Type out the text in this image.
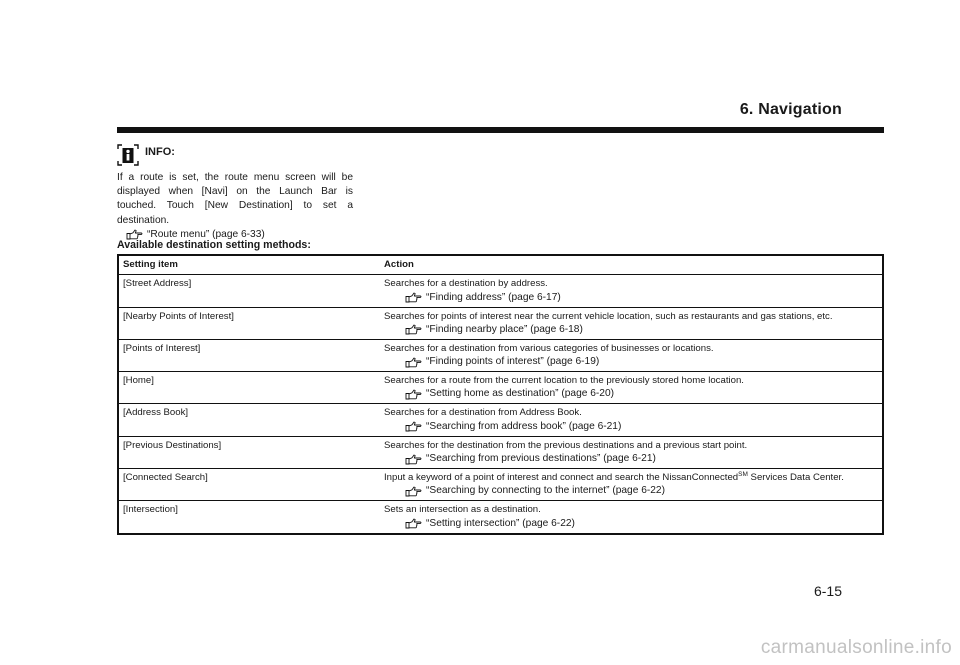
6. Navigation
INFO:
If a route is set, the route menu screen will be displayed when [Navi] on the Launch Bar is touched. Touch [New Destination] to set a destination.
“Route menu” (page 6-33)
Available destination setting methods:
Setting item	Action
[Street Address]	Searches for a destination by address.
“Finding address” (page 6-17)

[Nearby Points of Interest]	Searches for points of interest near the current vehicle location, such as restaurants and gas stations, etc.
“Finding nearby place” (page 6-18)

[Points of Interest]	Searches for a destination from various categories of businesses or locations.
“Finding points of interest” (page 6-19)

[Home]	Searches for a route from the current location to the previously stored home location.
“Setting home as destination” (page 6-20)

[Address Book]	Searches for a destination from Address Book.
“Searching from address book” (page 6-21)

[Previous Destinations]	Searches for the destination from the previous destinations and a previous start point.
“Searching from previous destinations” (page 6-21)

[Connected Search]	Input a keyword of a point of interest and connect and search the NissanConnected℠ Services Data Center.
“Searching by connecting to the internet” (page 6-22)

[Intersection]	Sets an intersection as a destination.
“Setting intersection” (page 6-22)
6-15
carmanualsonline.info
